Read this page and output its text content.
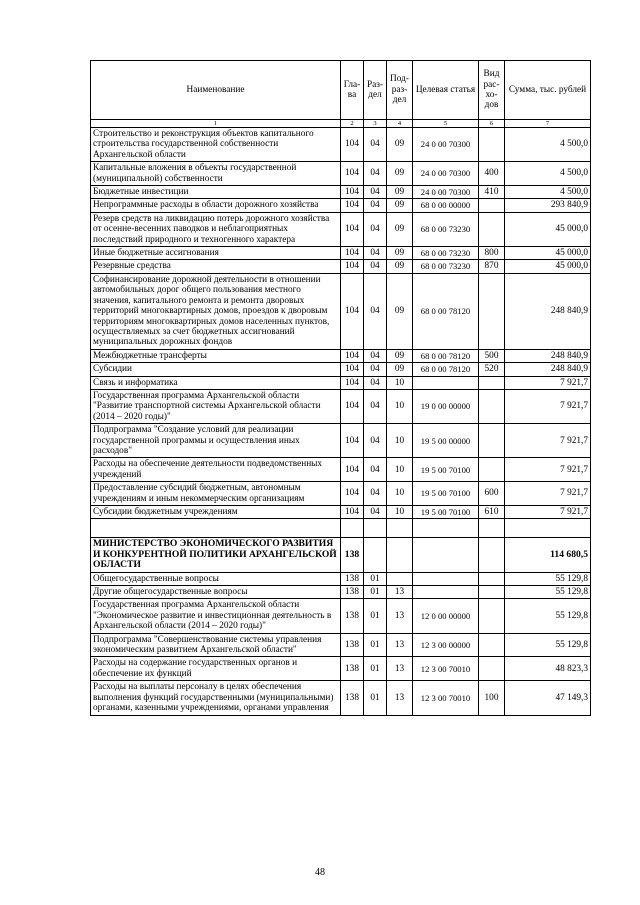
Наименование	Гла-ва	Раз-дел	Под-раз-дел	Целевая статья	Вид рас-хо-дов	Сумма, тыс. рублей
1	2	3	4	5	6	7
Строительство и реконструкция объектов капитального строительства государственной собственности Архангельской области	104	04	09	24 0 00 70300		4 500,0
Капитальные вложения в объекты государственной (муниципальной) собственности	104	04	09	24 0 00 70300	400	4 500,0
Бюджетные инвестиции	104	04	09	24 0 00 70300	410	4 500,0
Непрограммные расходы в области дорожного хозяйства	104	04	09	68 0 00 00000		293 840,9
Резерв средств на ликвидацию потерь дорожного хозяйства от осенне-весенних паводков и неблагоприятных последствий природного и техногенного характера	104	04	09	68 0 00 73230		45 000,0
Иные бюджетные ассигнования	104	04	09	68 0 00 73230	800	45 000,0
Резервные средства	104	04	09	68 0 00 73230	870	45 000,0
Софинансирование дорожной деятельности в отношении автомобильных дорог общего пользования местного значения, капитального ремонта и ремонта дворовых территорий многоквартирных домов, проездов к дворовым территориям многоквартирных домов населенных пунктов, осуществляемых за счет бюджетных ассигнований муниципальных дорожных фондов	104	04	09	68 0 00 78120		248 840,9
Межбюджетные трансферты	104	04	09	68 0 00 78120	500	248 840,9
Субсидии	104	04	09	68 0 00 78120	520	248 840,9
Связь и информатика	104	04	10			7 921,7
Государственная программа Архангельской области "Развитие транспортной системы Архангельской области (2014 – 2020 годы)"	104	04	10	19 0 00 00000		7 921,7
Подпрограмма "Создание условий для реализации государственной программы и осуществления иных расходов"	104	04	10	19 5 00 00000		7 921,7
Расходы на обеспечение деятельности подведомственных учреждений	104	04	10	19 5 00 70100		7 921,7
Предоставление субсидий бюджетным, автономным учреждениям и иным некоммерческим организациям	104	04	10	19 5 00 70100	600	7 921,7
Субсидии бюджетным учреждениям	104	04	10	19 5 00 70100	610	7 921,7

МИНИСТЕРСТВО ЭКОНОМИЧЕСКОГО РАЗВИТИЯ И КОНКУРЕНТНОЙ ПОЛИТИКИ АРХАНГЕЛЬСКОЙ ОБЛАСТИ	138					114 680,5
Общегосударственные вопросы	138	01				55 129,8
Другие общегосударственные вопросы	138	01	13			55 129,8
Государственная программа Архангельской области "Экономическое развитие и инвестиционная деятельность в Архангельской области (2014 – 2020 годы)"	138	01	13	12 0 00 00000		55 129,8
Подпрограмма "Совершенствование системы управления экономическим развитием Архангельской области"	138	01	13	12 3 00 00000		55 129,8
Расходы на содержание государственных органов и обеспечение их функций	138	01	13	12 3 00 70010		48 823,3
Расходы на выплаты персоналу в целях обеспечения выполнения функций государственными (муниципальными) органами, казенными учреждениями, органами управления	138	01	13	12 3 00 70010	100	47 149,3
48
